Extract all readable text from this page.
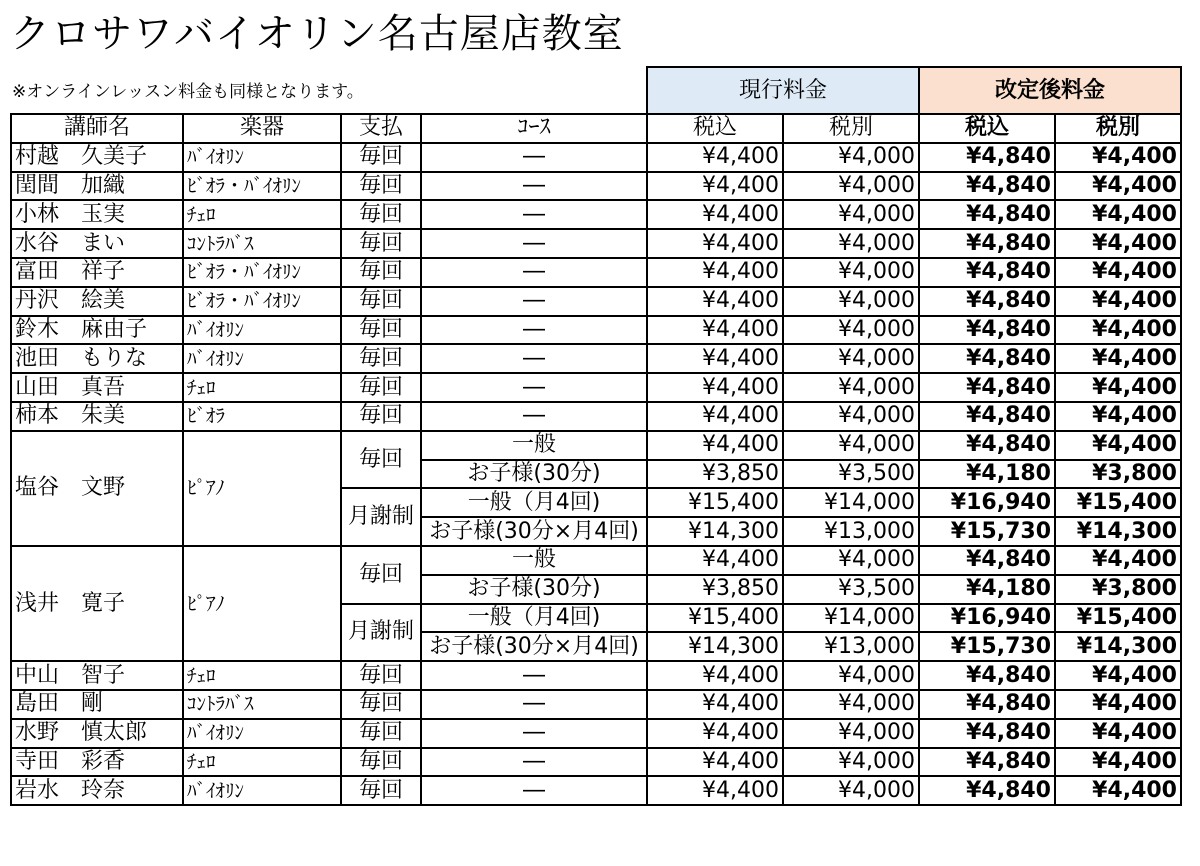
クロサワバイオリン名古屋店教室
※オンラインレッスン料金も同様となります。
				現行料金		改定後料金	
講師名	楽器	支払	ｺｰｽ	税込	税別	税込	税別
村越　久美子	ﾊﾞｲｵﾘﾝ	毎回	―	¥4,400	¥4,000	¥4,840	¥4,400
閏間　加織	ﾋﾞｵﾗ・ﾊﾞｲｵﾘﾝ	毎回	―	¥4,400	¥4,000	¥4,840	¥4,400
小林　玉実	ﾁｪﾛ	毎回	―	¥4,400	¥4,000	¥4,840	¥4,400
水谷　まい	ｺﾝﾄﾗﾊﾞｽ	毎回	―	¥4,400	¥4,000	¥4,840	¥4,400
富田　祥子	ﾋﾞｵﾗ・ﾊﾞｲｵﾘﾝ	毎回	―	¥4,400	¥4,000	¥4,840	¥4,400
丹沢　絵美	ﾋﾞｵﾗ・ﾊﾞｲｵﾘﾝ	毎回	―	¥4,400	¥4,000	¥4,840	¥4,400
鈴木　麻由子	ﾊﾞｲｵﾘﾝ	毎回	―	¥4,400	¥4,000	¥4,840	¥4,400
池田　もりな	ﾊﾞｲｵﾘﾝ	毎回	―	¥4,400	¥4,000	¥4,840	¥4,400
山田　真吾	ﾁｪﾛ	毎回	―	¥4,400	¥4,000	¥4,840	¥4,400
柿本　朱美	ﾋﾞｵﾗ	毎回	―	¥4,400	¥4,000	¥4,840	¥4,400
塩谷　文野	ﾋﾟｱﾉ	毎回	一般	¥4,400	¥4,000	¥4,840	¥4,400
			お子様(30分)	¥3,850	¥3,500	¥4,180	¥3,800
		月謝制	一般（月4回)	¥15,400	¥14,000	¥16,940	¥15,400
			お子様(30分×月4回)	¥14,300	¥13,000	¥15,730	¥14,300
浅井　寛子	ﾋﾟｱﾉ	毎回	一般	¥4,400	¥4,000	¥4,840	¥4,400
			お子様(30分)	¥3,850	¥3,500	¥4,180	¥3,800
		月謝制	一般（月4回)	¥15,400	¥14,000	¥16,940	¥15,400
			お子様(30分×月4回)	¥14,300	¥13,000	¥15,730	¥14,300
中山　智子	ﾁｪﾛ	毎回	―	¥4,400	¥4,000	¥4,840	¥4,400
島田　剛	ｺﾝﾄﾗﾊﾞｽ	毎回	―	¥4,400	¥4,000	¥4,840	¥4,400
水野　慎太郎	ﾊﾞｲｵﾘﾝ	毎回	―	¥4,400	¥4,000	¥4,840	¥4,400
寺田　彩香	ﾁｪﾛ	毎回	―	¥4,400	¥4,000	¥4,840	¥4,400
岩水　玲奈	ﾊﾞｲｵﾘﾝ	毎回	―	¥4,400	¥4,000	¥4,840	¥4,400
